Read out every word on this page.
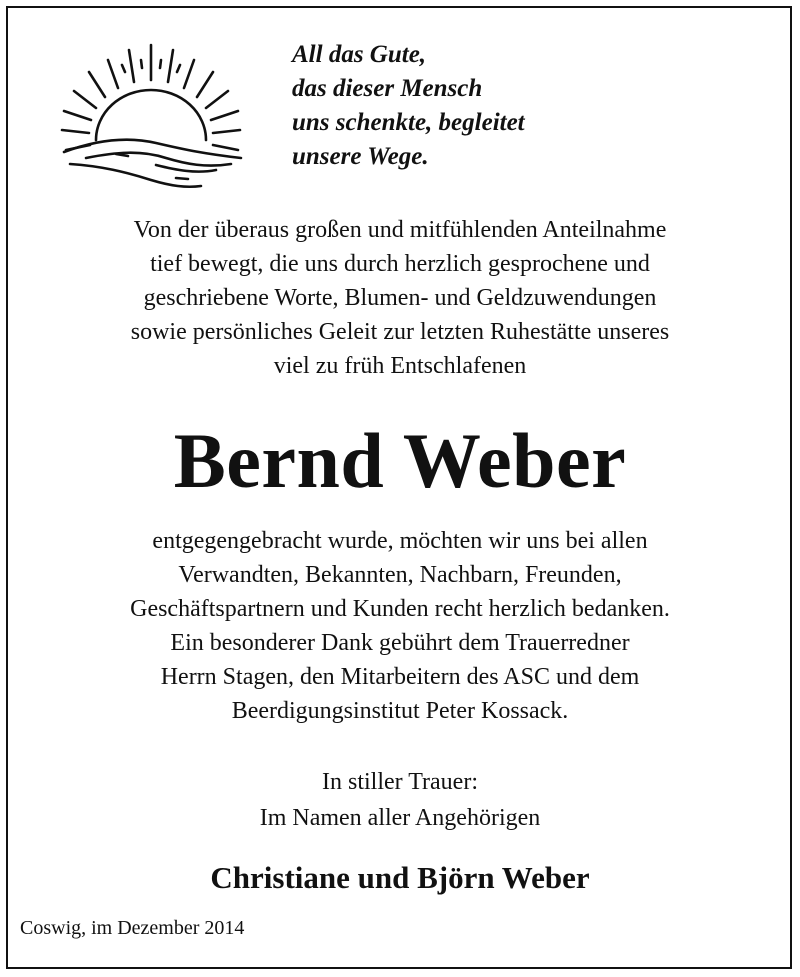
All das Gute,
das dieser Mensch
uns schenkte, begleitet
unsere Wege.
Von der überaus großen und mitfühlenden Anteilnahme
tief bewegt, die uns durch herzlich gesprochene und
geschriebene Worte, Blumen- und Geldzuwendungen
sowie persönliches Geleit zur letzten Ruhestätte unseres
viel zu früh Entschlafenen
Bernd Weber
entgegengebracht wurde, möchten wir uns bei allen
Verwandten, Bekannten, Nachbarn, Freunden,
Geschäftspartnern und Kunden recht herzlich bedanken.
Ein besonderer Dank gebührt dem Trauerredner
Herrn Stagen, den Mitarbeitern des ASC und dem
Beerdigungsinstitut Peter Kossack.
In stiller Trauer:
Im Namen aller Angehörigen
Christiane und Björn Weber
Coswig, im Dezember 2014
